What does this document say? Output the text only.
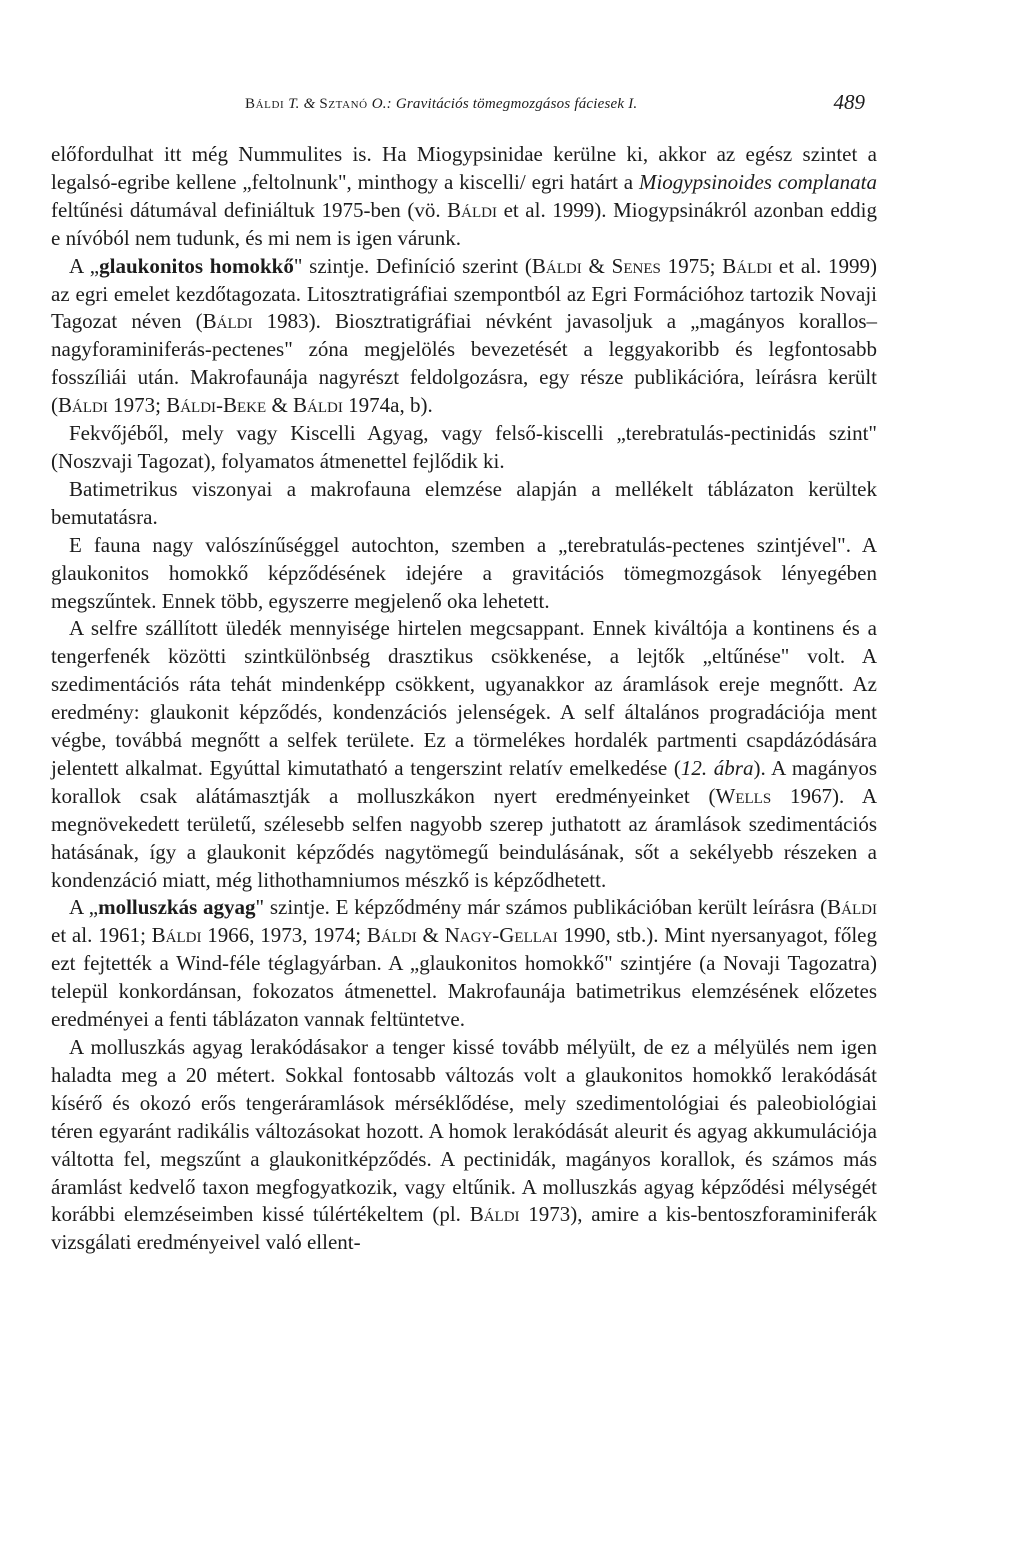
Báldi T. & Sztanó O.: Gravitációs tömegmozgásos fáciesek I.	489

előfordulhat itt még Nummulites is. Ha Miogypsinidae kerülne ki, akkor az egész szintet a legalsó-egribe kellene „feltolnunk", minthogy a kiscelli/ egri határt a Miogypsinoides complanata feltűnési dátumával definiáltuk 1975-ben (vö. Báldi et al. 1999). Miogypsinákról azonban eddig e nívóból nem tudunk, és mi nem is igen várunk.

A „glaukonitos homokkő" szintje. Definíció szerint (Báldi & Senes 1975; Báldi et al. 1999) az egri emelet kezdőtagozata. Litosztratigráfiai szempontból az Egri Formációhoz tartozik Novaji Tagozat néven (Báldi 1983). Biosztratigráfiai névként javasoljuk a „magányos korallos–nagyforaminiferás-pectenes" zóna megjelölés bevezetését a leggyakoribb és legfontosabb fosszíliái után. Makrofaunája nagyrészt feldolgozásra, egy része publikációra, leírásra került (Báldi 1973; Báldi-Beke & Báldi 1974a, b).

Fekvőjéből, mely vagy Kiscelli Agyag, vagy felső-kiscelli „terebratulás-pectinidás szint" (Noszvaji Tagozat), folyamatos átmenettel fejlődik ki.

Batimetrikus viszonyai a makrofauna elemzése alapján a mellékelt táblázaton kerültek bemutatásra.

E fauna nagy valószínűséggel autochton, szemben a „terebratulás-pectenes szintjével". A glaukonitos homokkő képződésének idejére a gravitációs tömegmozgások lényegében megszűntek. Ennek több, egyszerre megjelenő oka lehetett.

A selfre szállított üledék mennyisége hirtelen megcsappant. Ennek kiváltója a kontinens és a tengerfenék közötti szintkülönbség drasztikus csökkenése, a lejtők „eltűnése" volt. A szedimentációs ráta tehát mindenképp csökkent, ugyanakkor az áramlások ereje megnőtt. Az eredmény: glaukonit képződés, kondenzációs jelenségek. A self általános progradációja ment végbe, továbbá megnőtt a selfek területe. Ez a törmelékes hordalék partmenti csapdázódására jelentett alkalmat. Egyúttal kimutatható a tengerszint relatív emelkedése (12. ábra). A magányos korallok csak alátámasztják a molluszkákon nyert eredményeinket (Wells 1967). A megnövekedett területű, szélesebb selfen nagyobb szerep juthatott az áramlások szedimentációs hatásának, így a glaukonit képződés nagytömegű beindulásának, sőt a sekélyebb részeken a kondenzáció miatt, még lithothamniumos mészkő is képződhetett.

A „molluszkás agyag" szintje. E képződmény már számos publikációban került leírásra (Báldi et al. 1961; Báldi 1966, 1973, 1974; Báldi & Nagy-Gellai 1990, stb.). Mint nyersanyagot, főleg ezt fejtették a Wind-féle téglagyárban. A „glaukonitos homokkő" szintjére (a Novaji Tagozatra) települ konkordánsan, fokozatos átmenettel. Makrofaunája batimetrikus elemzésének előzetes eredményei a fenti táblázaton vannak feltüntetve.

A molluszkás agyag lerakódásakor a tenger kissé tovább mélyült, de ez a mélyülés nem igen haladta meg a 20 métert. Sokkal fontosabb változás volt a glaukonitos homokkő lerakódását kísérő és okozó erős tengeráramlások mérséklődése, mely szedimentológiai és paleobiológiai téren egyaránt radikális változásokat hozott. A homok lerakódását aleurit és agyag akkumulációja váltotta fel, megszűnt a glaukonitképződés. A pectinidák, magányos korallok, és számos más áramlást kedvelő taxon megfogyatkozik, vagy eltűnik. A molluszkás agyag képződési mélységét korábbi elemzéseimben kissé túlértékeltem (pl. Báldi 1973), amire a kis-bentoszforaminiferák vizsgálati eredményeivel való ellent-
